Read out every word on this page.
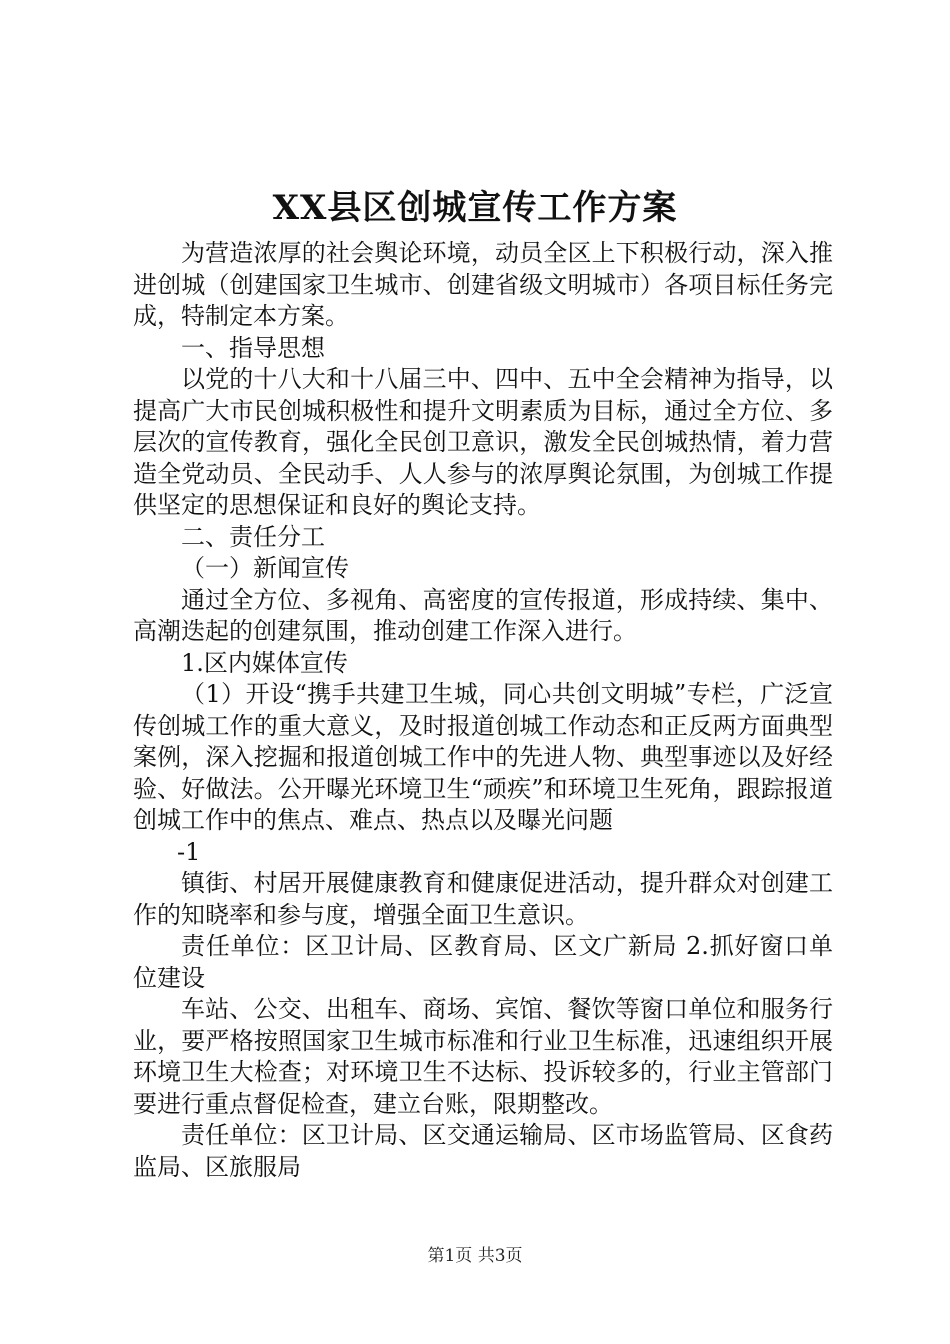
XX县区创城宣传工作方案

为营造浓厚的社会舆论环境，动员全区上下积极行动，深入推进创城（创建国家卫生城市、创建省级文明城市）各项目标任务完成，特制定本方案。

一、指导思想

以党的十八大和十八届三中、四中、五中全会精神为指导，以提高广大市民创城积极性和提升文明素质为目标，通过全方位、多层次的宣传教育，强化全民创卫意识，激发全民创城热情，着力营造全党动员、全民动手、人人参与的浓厚舆论氛围，为创城工作提供坚定的思想保证和良好的舆论支持。

二、责任分工

（一）新闻宣传

通过全方位、多视角、高密度的宣传报道，形成持续、集中、高潮迭起的创建氛围，推动创建工作深入进行。

1.区内媒体宣传

（1）开设“携手共建卫生城，同心共创文明城”专栏，广泛宣传创城工作的重大意义，及时报道创城工作动态和正反两方面典型案例，深入挖掘和报道创城工作中的先进人物、典型事迹以及好经验、好做法。公开曝光环境卫生“顽疾”和环境卫生死角，跟踪报道创城工作中的焦点、难点、热点以及曝光问题

-1

镇街、村居开展健康教育和健康促进活动，提升群众对创建工作的知晓率和参与度，增强全面卫生意识。

责任单位：区卫计局、区教育局、区文广新局 2.抓好窗口单位建设

车站、公交、出租车、商场、宾馆、餐饮等窗口单位和服务行业，要严格按照国家卫生城市标准和行业卫生标准，迅速组织开展环境卫生大检查；对环境卫生不达标、投诉较多的，行业主管部门要进行重点督促检查，建立台账，限期整改。

责任单位：区卫计局、区交通运输局、区市场监管局、区食药监局、区旅服局

第1页 共3页
